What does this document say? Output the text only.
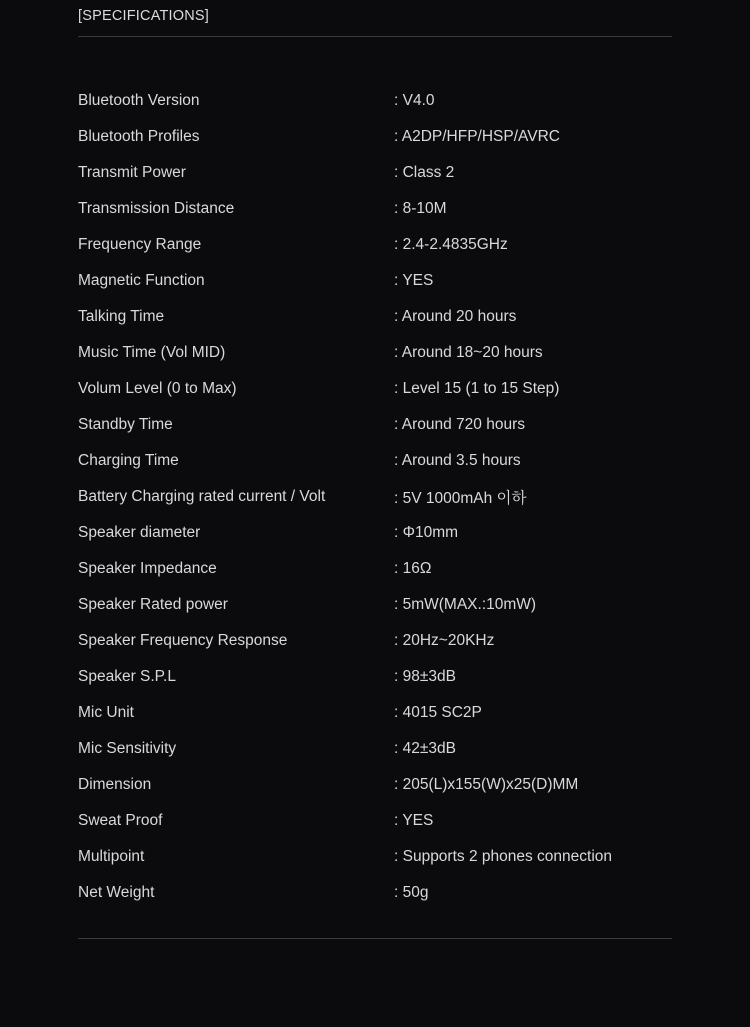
[SPECIFICATIONS]
Bluetooth Version	: V4.0
Bluetooth Profiles	: A2DP/HFP/HSP/AVRC
Transmit Power	: Class 2
Transmission Distance	: 8-10M
Frequency Range	: 2.4-2.4835GHz
Magnetic Function	: YES
Talking Time	: Around 20 hours
Music Time (Vol MID)	: Around 18~20 hours
Volum Level (0 to Max)	: Level 15 (1 to 15 Step)
Standby Time	: Around 720 hours
Charging Time	: Around 3.5 hours
Battery Charging rated current / Volt	: 5V 1000mAh 이하
Speaker diameter	: Φ10mm
Speaker Impedance	: 16Ω
Speaker Rated power	: 5mW(MAX.:10mW)
Speaker Frequency Response	: 20Hz~20KHz
Speaker S.P.L	: 98±3dB
Mic Unit	: 4015 SC2P
Mic Sensitivity	: 42±3dB
Dimension	: 205(L)x155(W)x25(D)MM
Sweat Proof	: YES
Multipoint	: Supports 2 phones connection
Net Weight	: 50g
